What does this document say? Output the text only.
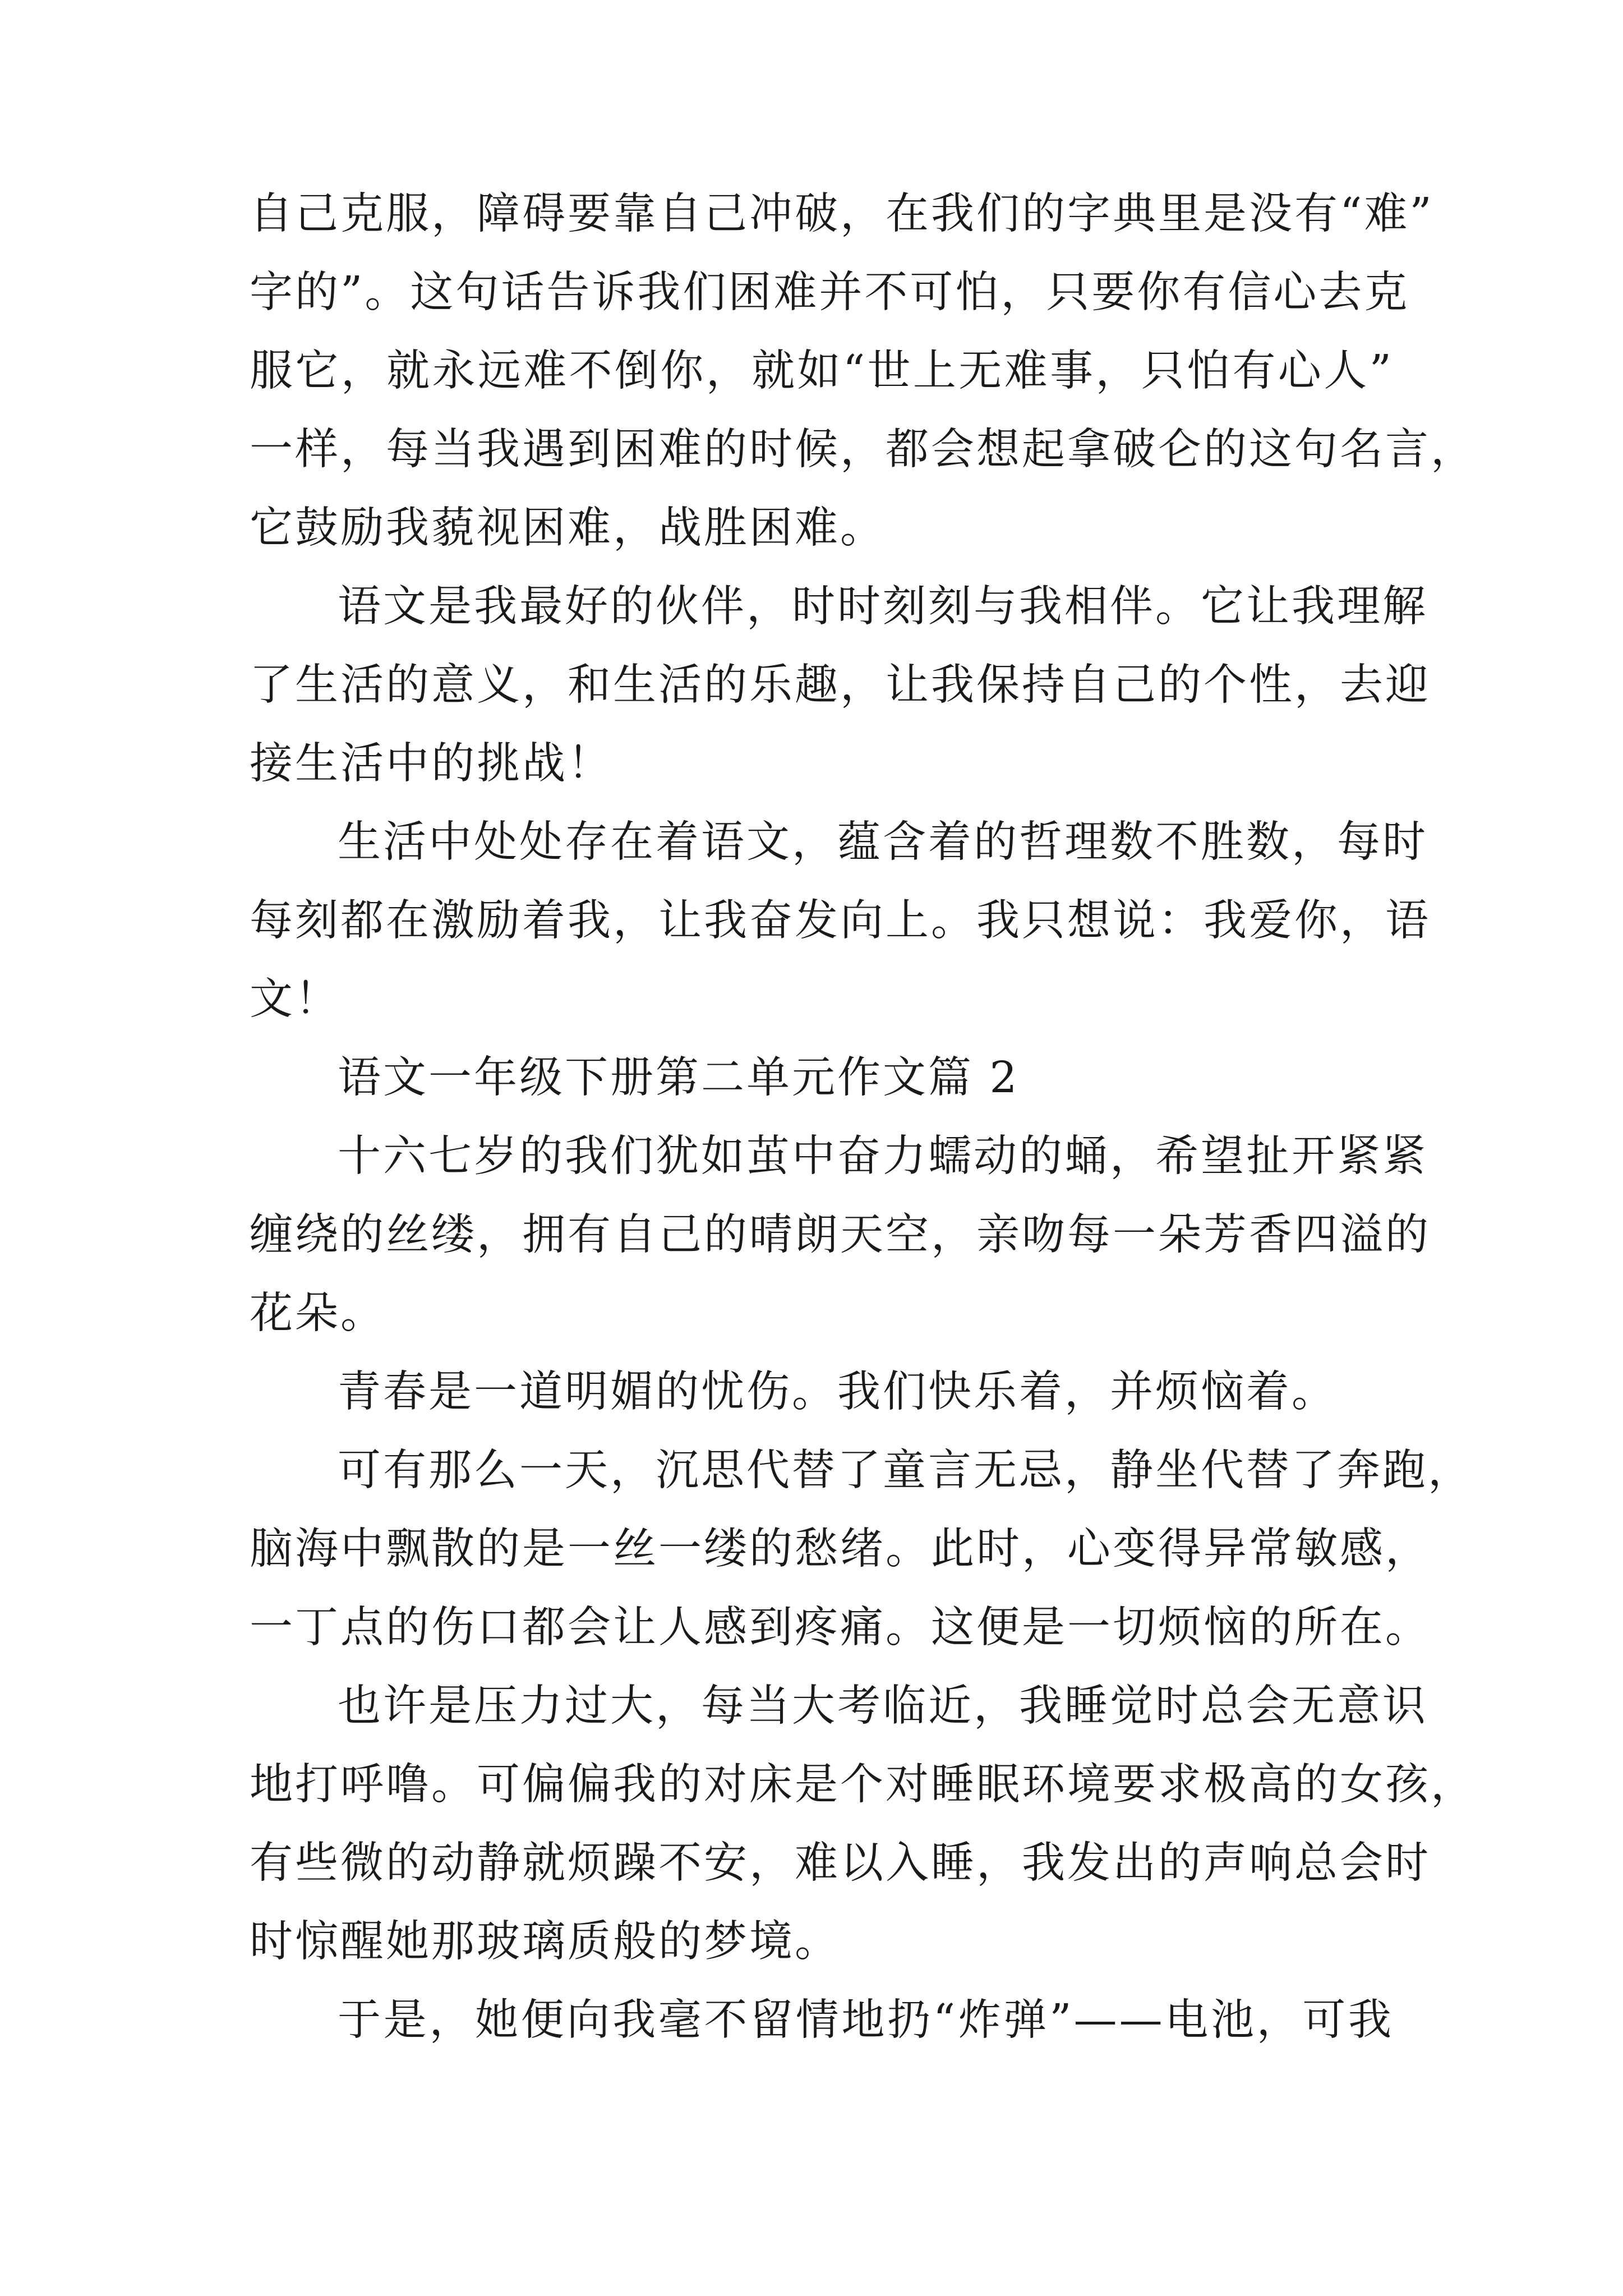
自己克服，障碍要靠自己冲破，在我们的字典里是没有“难”
字的”。这句话告诉我们困难并不可怕，只要你有信心去克
服它，就永远难不倒你，就如“世上无难事，只怕有心人”
一样，每当我遇到困难的时候，都会想起拿破仑的这句名言，
它鼓励我藐视困难，战胜困难。
语文是我最好的伙伴，时时刻刻与我相伴。它让我理解
了生活的意义，和生活的乐趣，让我保持自己的个性，去迎
接生活中的挑战！
生活中处处存在着语文，蕴含着的哲理数不胜数，每时
每刻都在激励着我，让我奋发向上。我只想说：我爱你，语
文！
语文一年级下册第二单元作文篇 2
十六七岁的我们犹如茧中奋力蠕动的蛹，希望扯开紧紧
缠绕的丝缕，拥有自己的晴朗天空，亲吻每一朵芳香四溢的
花朵。
青春是一道明媚的忧伤。我们快乐着，并烦恼着。
可有那么一天，沉思代替了童言无忌，静坐代替了奔跑，
脑海中飘散的是一丝一缕的愁绪。此时，心变得异常敏感，
一丁点的伤口都会让人感到疼痛。这便是一切烦恼的所在。
也许是压力过大，每当大考临近，我睡觉时总会无意识
地打呼噜。可偏偏我的对床是个对睡眠环境要求极高的女孩，
有些微的动静就烦躁不安，难以入睡，我发出的声响总会时
时惊醒她那玻璃质般的梦境。
于是，她便向我毫不留情地扔“炸弹”——电池，可我
